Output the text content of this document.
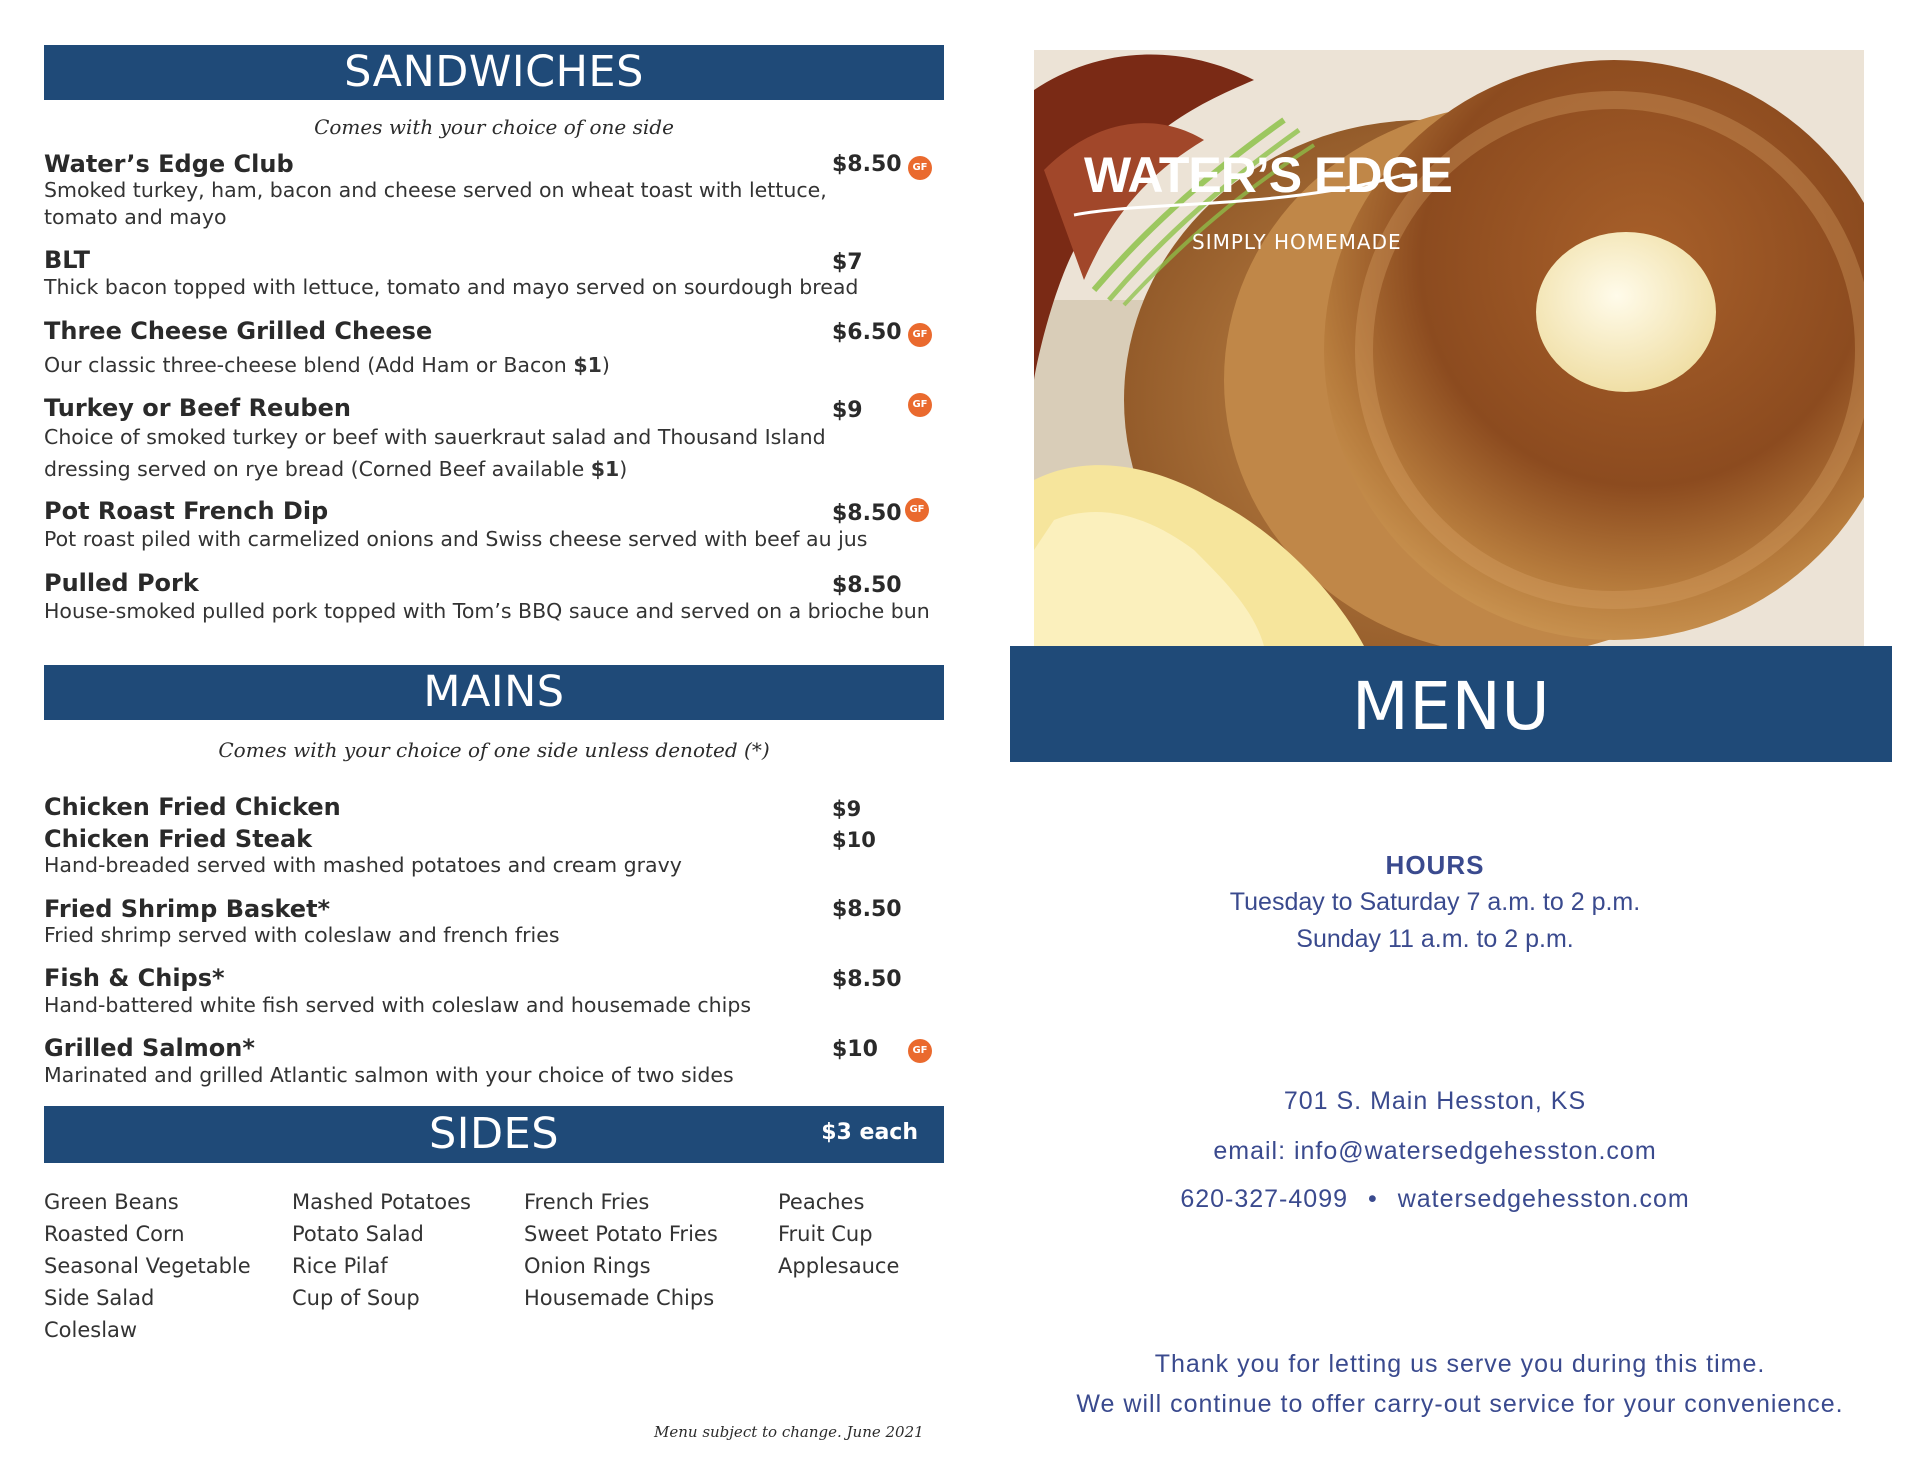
SANDWICHES
Comes with your choice of one side
Water’s Edge Club	$8.50	GF
Smoked turkey, ham, bacon and cheese served on wheat toast with lettuce, tomato and mayo
BLT	$7
Thick bacon topped with lettuce, tomato and mayo served on sourdough bread
Three Cheese Grilled Cheese	$6.50	GF
Our classic three-cheese blend (Add Ham or Bacon $1)
Turkey or Beef Reuben	$9	GF
Choice of smoked turkey or beef with sauerkraut salad and Thousand Island dressing served on rye bread (Corned Beef available $1)
Pot Roast French Dip	$8.50 GF
Pot roast piled with carmelized onions and Swiss cheese served with beef au jus
Pulled Pork	$8.50
House-smoked pulled pork topped with Tom’s BBQ sauce and served on a brioche bun
MAINS
Comes with your choice of one side unless denoted (*)
Chicken Fried Chicken	$9
Chicken Fried Steak	$10
Hand-breaded served with mashed potatoes and cream gravy
Fried Shrimp Basket*	$8.50
Fried shrimp served with coleslaw and french fries
Fish & Chips*	$8.50
Hand-battered white fish served with coleslaw and housemade chips
Grilled Salmon*	$10	GF
Marinated and grilled Atlantic salmon with your choice of two sides
SIDES	$3 each
Green Beans
Roasted Corn
Seasonal Vegetable
Side Salad
Coleslaw
Mashed Potatoes
Potato Salad
Rice Pilaf
Cup of Soup
French Fries
Sweet Potato Fries
Onion Rings
Housemade Chips
Peaches
Fruit Cup
Applesauce
Menu subject to change. June 2021
WATER’S EDGE
SIMPLY HOMEMADE
MENU
HOURS
Tuesday to Saturday 7 a.m. to 2 p.m.
Sunday 11 a.m. to 2 p.m.
701 S. Main Hesston, KS
email: info@watersedgehesston.com
620-327-4099 • watersedgehesston.com
Thank you for letting us serve you during this time.
We will continue to offer carry-out service for your convenience.
